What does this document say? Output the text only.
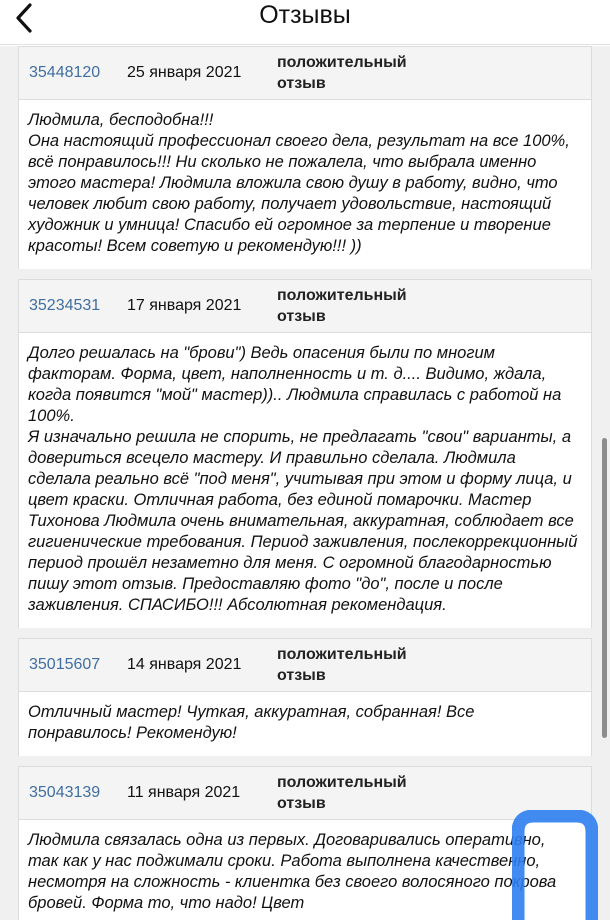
Отзывы
35448120	25 января 2021
положительный
отзыв
Людмила, бесподобна!!!
Она настоящий профессионал своего дела, результат на все 100%, всё понравилось!!! Ни сколько не пожалела, что выбрала именно этого мастера! Людмила вложила свою душу в работу, видно, что человек любит свою работу, получает удовольствие, настоящий художник и умница! Спасибо ей огромное за терпение и творение красоты! Всем советую и рекомендую!!! ))
35234531	17 января 2021
положительный
отзыв
Долго решалась на "брови") Ведь опасения были по многим факторам. Форма, цвет, наполненность и т. д.... Видимо, ждала, когда появится "мой" мастер)).. Людмила справилась с работой на 100%.
Я изначально решила не спорить, не предлагать "свои" варианты, а довериться всецело мастеру. И правильно сделала. Людмила сделала реально всё "под меня", учитывая при этом и форму лица, и цвет краски. Отличная работа, без единой помарочки. Мастер Тихонова Людмила очень внимательная, аккуратная, соблюдает все гигиенические требования. Период заживления, послекоррекционный период прошёл незаметно для меня. С огромной благодарностью пишу этот отзыв. Предоставляю фото "до", после и после заживления. СПАСИБО!!! Абсолютная рекомендация.
35015607	14 января 2021
положительный
отзыв
Отличный мастер! Чуткая, аккуратная, собранная! Все понравилось! Рекомендую!
35043139	11 января 2021
положительный
отзыв
Людмила связалась одна из первых. Договаривались оперативно, так как у нас поджимали сроки. Работа выполнена качественно, несмотря на сложность - клиентка без своего волосяного покрова бровей. Форма то, что надо! Цвет
